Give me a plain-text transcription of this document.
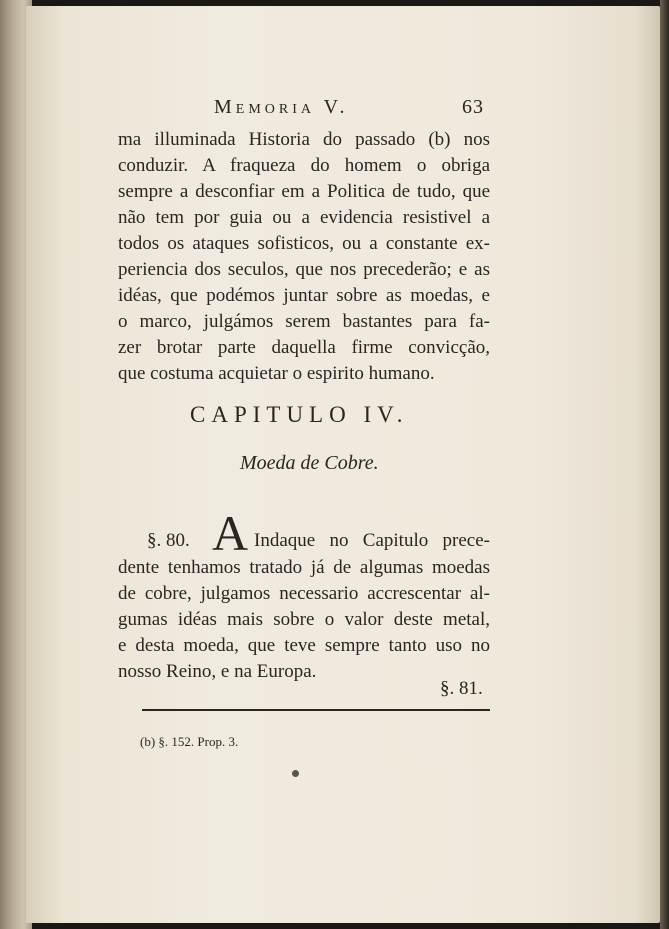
Memoria V.	63
ma illuminada Historia do passado (b) nos
conduzir. A fraqueza do homem o obriga
sempre a desconfiar em a Politica de tudo, que
não tem por guia ou a evidencia resistivel a
todos os ataques sofisticos, ou a constante ex-
periencia dos seculos, que nos precederão; e as
idéas, que podémos juntar sobre as moedas, e
o marco, julgámos serem bastantes para fa-
zer brotar parte daquella firme convicção,
que costuma acquietar o espirito humano.
CAPITULO IV.
Moeda de Cobre.
§. 80. A Indaque no Capitulo prece-
dente tenhamos tratado já de algumas moedas
de cobre, julgamos necessario accrescentar al-
gumas idéas mais sobre o valor deste metal,
e desta moeda, que teve sempre tanto uso no
nosso Reino, e na Europa.
§. 81.
(b) §. 152. Prop. 3.
